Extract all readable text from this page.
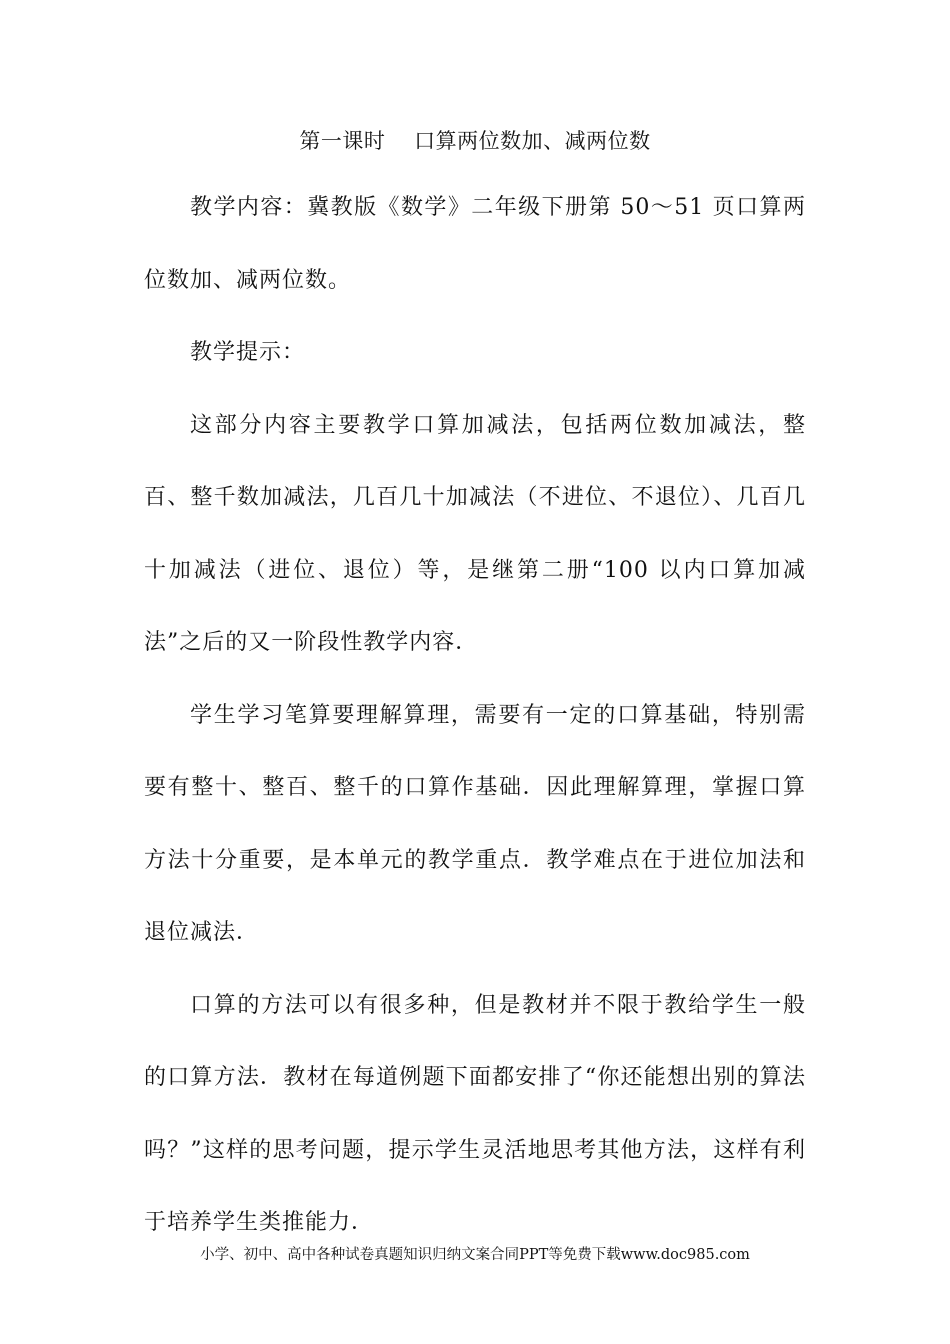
第一课时    口算两位数加、减两位数

教学内容：冀教版《数学》二年级下册第 50～51 页口算两位数加、减两位数。

教学提示：

这部分内容主要教学口算加减法，包括两位数加减法，整百、整千数加减法，几百几十加减法（不进位、不退位）、几百几十加减法（进位、退位）等，是继第二册“100 以内口算加减法”之后的又一阶段性教学内容．

学生学习笔算要理解算理，需要有一定的口算基础，特别需要有整十、整百、整千的口算作基础．因此理解算理，掌握口算方法十分重要，是本单元的教学重点．教学难点在于进位加法和退位减法．

口算的方法可以有很多种，但是教材并不限于教给学生一般的口算方法．教材在每道例题下面都安排了“你还能想出别的算法吗？”这样的思考问题，提示学生灵活地思考其他方法，这样有利于培养学生类推能力．

小学、初中、高中各种试卷真题知识归纳文案合同PPT等免费下载www.doc985.com
